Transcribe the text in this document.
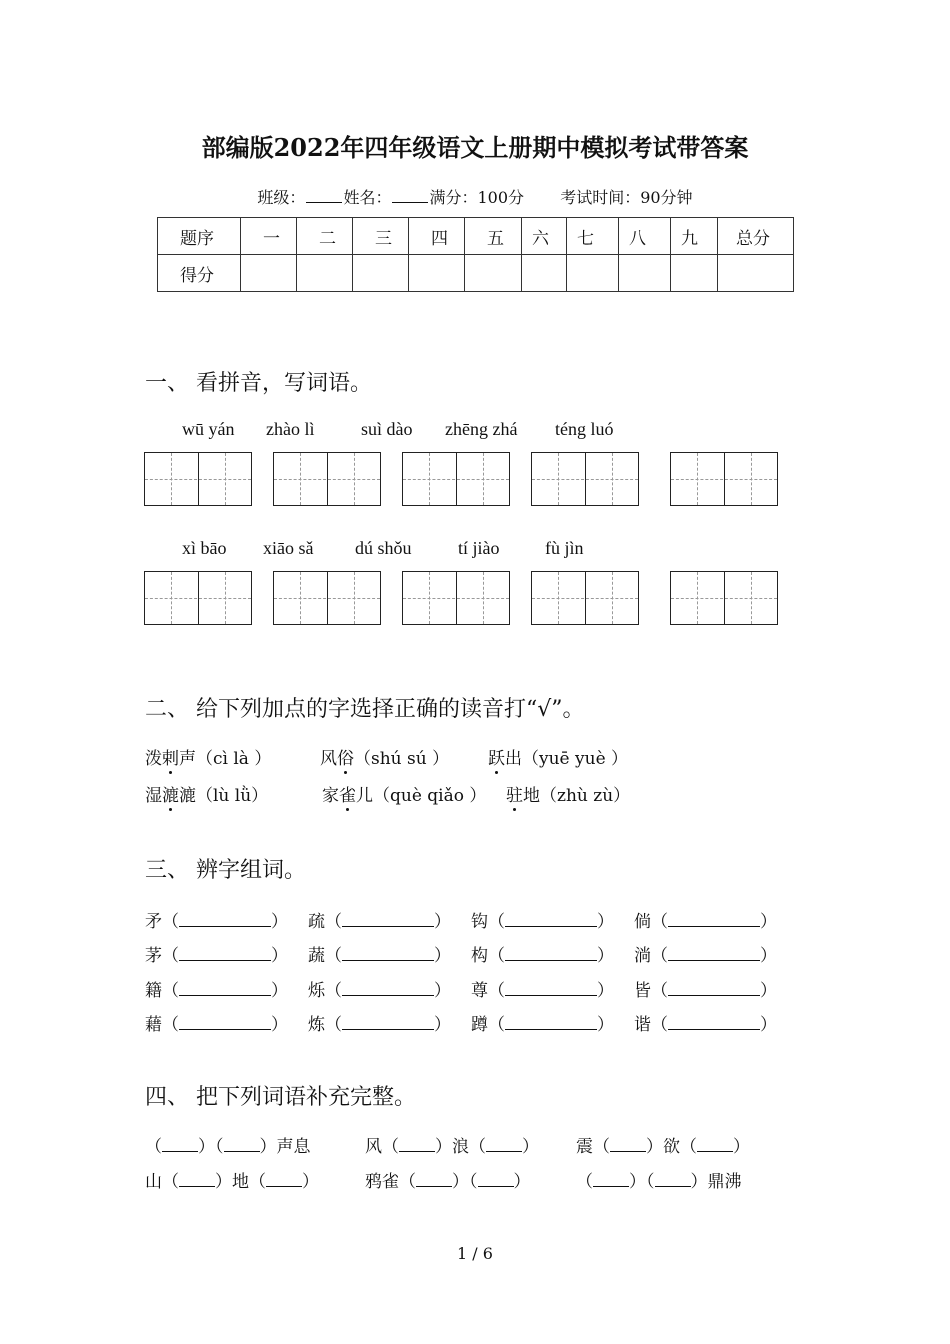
部编版2022年四年级语文上册期中模拟考试带答案
班级： 姓名： 满分：100分 考试时间：90分钟
题序	一	二	三	四	五	六	七	八	九	总分
得分										
一、 看拼音，写词语。
wū yán zhào lì	suì dào zhēng zhá téng luó
xì bāo xiāo sǎ dú shǒu	tí jiào	fù jìn
二、 给下列加点的字选择正确的读音打“√”。
泼剌声（cì là ）	风俗（shú sú ） 跃出（yuē yuè ）
湿漉漉（lù lǜ）	家雀儿（què qiǎo ） 驻地（zhù zù）
三、 辨字组词。
矛（	） 疏（	） 钩（	） 倘（	）
茅（	） 蔬（	） 构（	） 淌（	）
籍（	） 烁（	） 尊（	） 皆（	）
藉（	） 炼（	） 蹲（	） 谐（	）
四、 把下列词语补充完整。
（ ）（ ）声息	风（ ）浪（ ） 震（ ）欲（ ）
山（ ）地（ ）	鸦雀（ ）（ ）	（ ）（ ）鼎沸
1 / 6
